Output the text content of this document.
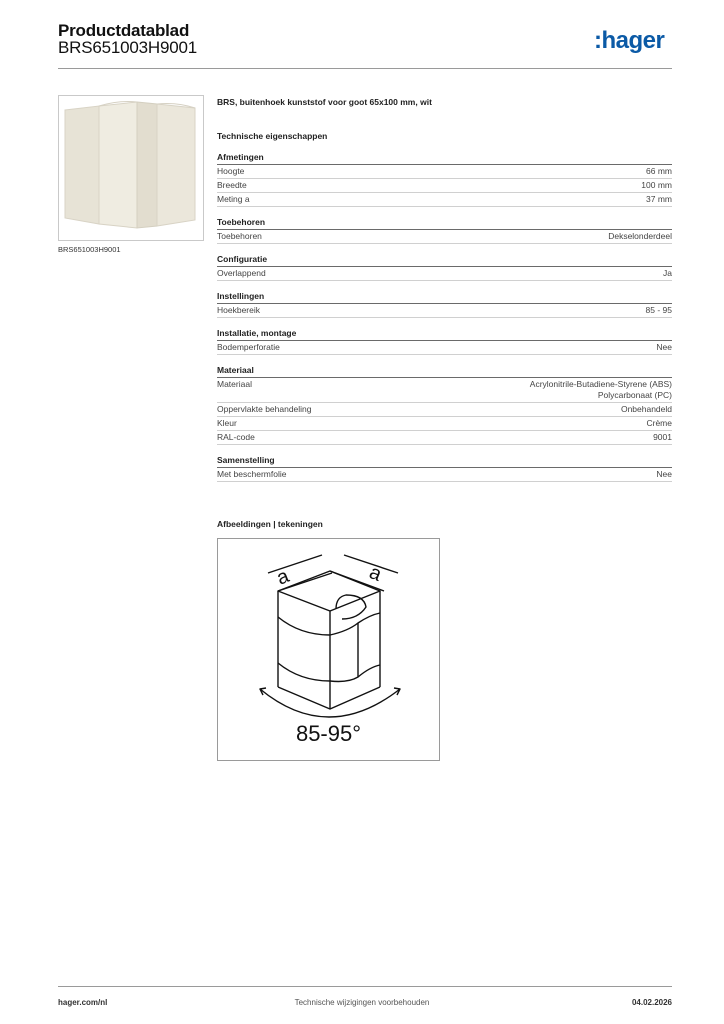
Productdatablad
BRS651003H9001	:hager
BRS651003H9001
BRS, buitenhoek kunststof voor goot 65x100 mm, wit
Technische eigenschappen
Afmetingen
Hoogte	66 mm
Breedte	100 mm
Meting a	37 mm
Toebehoren
Toebehoren	Dekselonderdeel
Configuratie
Overlappend	Ja
Instellingen
Hoekbereik	85 - 95
Installatie, montage
Bodemperforatie	Nee
Materiaal
Materiaal	Acrylonitrile-Butadiene-Styrene (ABS)
Polycarbonaat (PC)
Oppervlakte behandeling	Onbehandeld
Kleur	Crème
RAL-code	9001
Samenstelling
Met beschermfolie	Nee
Afbeeldingen | tekeningen
a	a
85-95°
hager.com/nl	Technische wijzigingen voorbehouden	04.02.2026
